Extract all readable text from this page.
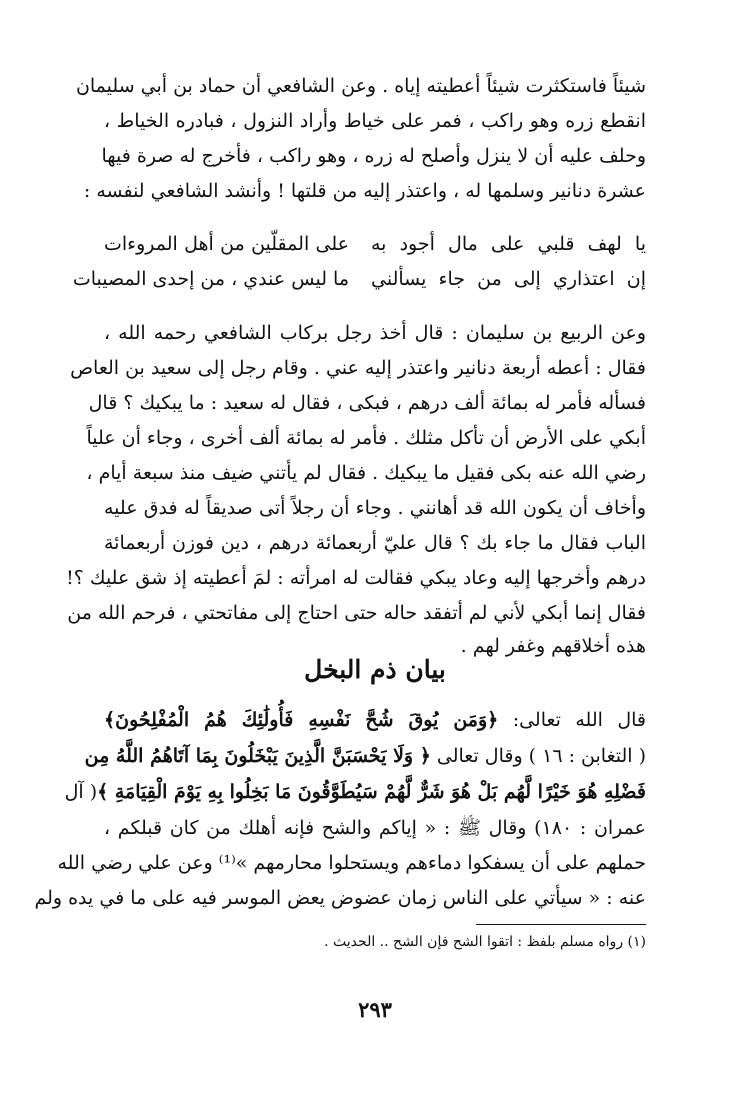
شيئاً فاستكثرت شيئاً أعطيته إياه . وعن الشافعي أن حماد بن أبي سليمان
انقطع زره وهو راكب ، فمر على خياط وأراد النزول ، فبادره الخياط ،
وحلف عليه أن لا ينزل وأصلح له زره ، وهو راكب ، فأخرج له صرة فيها
عشرة دنانير وسلمها له ، واعتذر إليه من قلتها ! وأنشد الشافعي لنفسه :
يا لهف قلبي على مال أجود به
على المقلّين من أهل المروءات
إن اعتذاري إلى من جاء يسألني
ما ليس عندي ، من إحدى المصيبات
وعن الربيع بن سليمان : قال أخذ رجل بركاب الشافعي رحمه الله ،
فقال : أعطه أربعة دنانير واعتذر إليه عني . وقام رجل إلى سعيد بن العاص
فسأله فأمر له بمائة ألف درهم ، فبكى ، فقال له سعيد : ما يبكيك ؟ قال
أبكي على الأرض أن تأكل مثلك . فأمر له بمائة ألف أخرى ، وجاء أن علياً
رضي الله عنه بكى فقيل ما يبكيك . فقال لم يأتني ضيف منذ سبعة أيام ،
وأخاف أن يكون الله قد أهانني . وجاء أن رجلاً أتى صديقاً له فدق عليه
الباب فقال ما جاء بك ؟ قال عليّ أربعمائة درهم ، دين فوزن أربعمائة
درهم وأخرجها إليه وعاد يبكي فقالت له امرأته : لمَ أعطيته إذ شق عليك ؟!
فقال إنما أبكي لأني لم أتفقد حاله حتى احتاج إلى مفاتحتي ، فرحم الله من
هذه أخلاقهم وغفر لهم .
بيان ذم البخل
قال الله تعالى: ﴿وَمَن يُوقَ شُحَّ نَفْسِهِ فَأُولَٰئِكَ هُمُ الْمُفْلِحُونَ﴾
( التغابن : ١٦ ) وقال تعالى ﴿ وَلَا يَحْسَبَنَّ الَّذِينَ يَبْخَلُونَ بِمَا آتَاهُمُ اللَّهُ مِن
فَضْلِهِ هُوَ خَيْرًا لَّهُم بَلْ هُوَ شَرٌّ لَّهُمْ سَيُطَوَّقُونَ مَا بَخِلُوا بِهِ يَوْمَ الْقِيَامَةِ ﴾( آل
عمران : ١٨٠) وقال ﷺ : « إياكم والشح فإنه أهلك من كان قبلكم ،
حملهم على أن يسفكوا دماءهم ويستحلوا محارمهم »⁽¹⁾ وعن علي رضي الله
عنه : « سيأتي على الناس زمان عضوض يعض الموسر فيه على ما في يده ولم
(١) رواه مسلم بلفظ : اتقوا الشح فإن الشح .. الحديث .
٢٩٣
